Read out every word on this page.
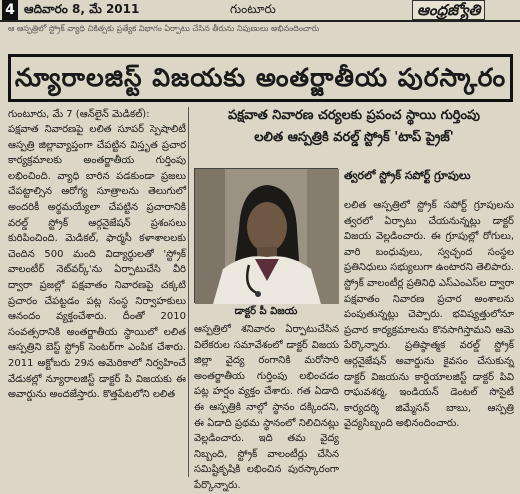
4 ఆదివారం 8, మే 2011	గుంటూరు	ఆంధ్రజ్యోతి
ఆ ఆస్పత్రిలో స్ట్రోక్ వ్యాధి చికిత్సకు ప్రత్యేక విభాగం ఏర్పాటు చేసిన తీరును నిపుణులు అభినందించారు
న్యూరాలజిస్ట్ విజయకు అంతర్జాతీయ పురస్కారం
గుంటూరు, మే 7 (ఆన్‌లైన్ మెడికల్):

పక్షవాత నివారణపై లలిత సూపర్ స్పెషాలిటీ ఆస్పత్రి జిల్లావ్యాప్తంగా చేపట్టిన విస్తృత ప్రచార కార్యక్రమాలకు అంతర్జాతీయ గుర్తింపు లభించింది. వ్యాధి బారిన పడకుండా ప్రజలు చేపట్టాల్సిన ఆరోగ్య సూత్రాలను తెలుగులో అందరికీ అర్థమయ్యేలా చేపట్టిన ప్రచారానికి వరల్డ్ స్ట్రోక్ ఆర్గనైజేషన్ ప్రశంసలు కురిపించింది. మెడికల్, ఫార్మసీ కళాశాలలకు చెందిన 500 మంది విద్యార్థులతో 'స్ట్రోక్ వాలంటీర్ నెట్‌వర్క్'ను ఏర్పాటుచేసి వీరి ద్వారా ప్రజల్లో పక్షవాతం నివారణపై చక్కటి ప్రచారం చేపట్టడం పట్ల సంస్థ నిర్వాహకులు ఆనందం వ్యక్తంచేశారు. దీంతో 2010 సంవత్సరానికి అంతర్జాతీయ స్థాయిలో లలిత ఆస్పత్రిని బెస్ట్ స్ట్రోక్ సెంటర్‌గా ఎంపిక చేశారు. 2011 అక్టోబరు 29న అమెరికాలో నిర్వహించే వేడుకల్లో న్యూరాలజిస్ట్ డాక్టర్ పి విజయకు ఈ అవార్డును అందజేస్తారు. కొత్తపేటలోని లలిత

పక్షవాత నివారణ చర్యలకు ప్రపంచ స్థాయి గుర్తింపు
లలిత ఆస్పత్రికి వరల్డ్ స్ట్రోక్ 'టాప్ ప్రైజ్'
డాక్టర్ పీ విజయ

ఆస్పత్రిలో శనివారం ఏర్పాటుచేసిన విలేకరుల సమావేశంలో డాక్టర్ విజయ జిల్లా వైద్య రంగానికి మరోసారి అంతర్జాతీయ గుర్తింపు లభించడం పట్ల హర్షం వ్యక్తం చేశారు. గత ఏడాది ఈ ఆస్పత్రికి నాల్గో స్థానం దక్కిందని, ఈ ఏడాది ప్రథమ స్థానంలో నిలిచినట్లు వెల్లడించారు. ఇది తమ వైద్య నిబ్బంది, స్ట్రోక్ వాలంటీర్లు చేసిన సమిష్టికృషికి లభించిన పురస్కారంగా పేర్కొన్నారు.

త్వరలో స్ట్రోక్ సపోర్ట్ గ్రూపులు

లలిత ఆస్పత్రిలో స్ట్రోక్ సపోర్ట్ గ్రూపులను త్వరలో ఏర్పాటు చేయనున్నట్లు డాక్టర్ విజయ వెల్లడించారు. ఈ గ్రూపుల్లో రోగులు, వారి బంధువులు, స్వచ్ఛంద సంస్థల ప్రతినిధులు సభ్యులుగా ఉంటారని తెలిపారు. స్ట్రోక్ వాలంటీర్ల ప్రతినిధి ఎస్ఎంఎస్‌ల ద్వారా పక్షవాతం నివారణ ప్రచార అంశాలను పంపుతున్నట్లు చెప్పారు. భవిష్యత్తులోనూ ప్రచార కార్యక్రమాలను కొనసాగిస్తామని ఆమె పేర్కొన్నారు. ప్రతిష్ఠాత్మక వరల్డ్ స్ట్రోక్ ఆర్గనైజేషన్ అవార్డును కైవసం చేసుకున్న డాక్టర్ విజయను కార్డియాలజిస్ట్ డాక్టర్ పివి రాఘవశర్మ, ఇండియన్ డెంటల్ సొసైటీ కార్యదర్శి జిమ్మేసన్ బాబు, ఆస్పత్రి వైద్యసిబ్బంది అభినందించారు.
